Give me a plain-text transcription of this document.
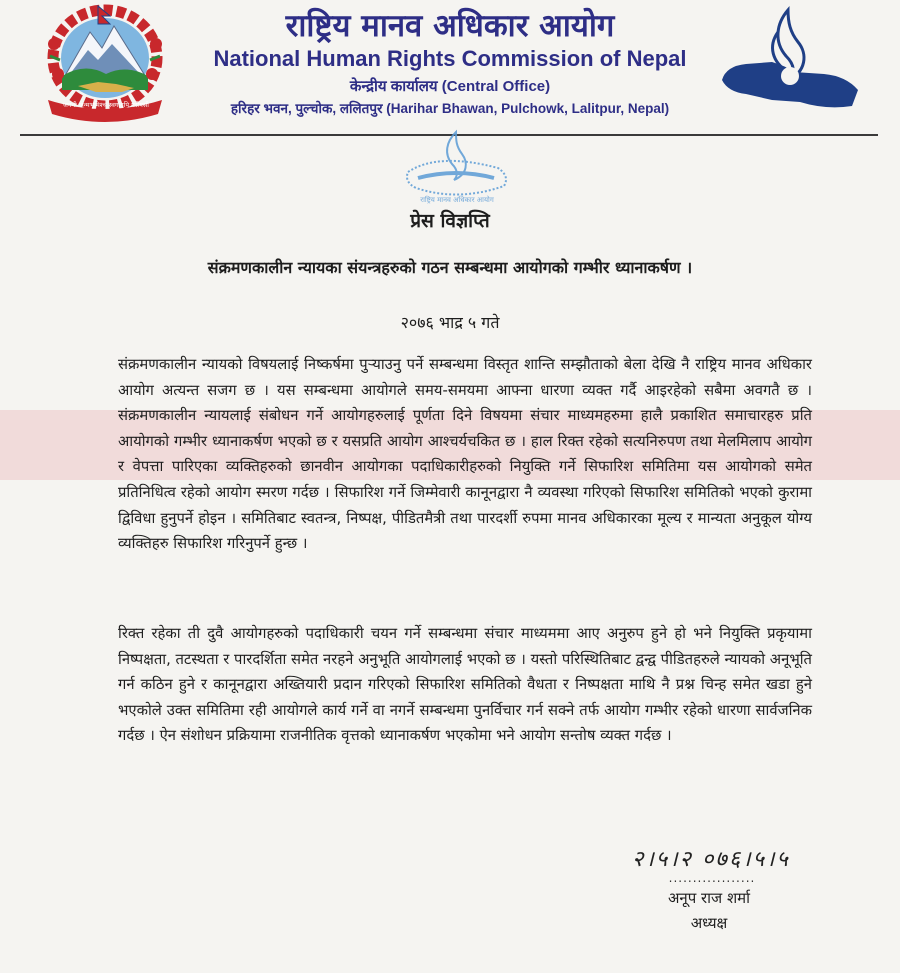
जननी जन्मभूमिश्च स्वर्गादपि गरीयसी
राष्ट्रिय मानव अधिकार आयोग
National Human Rights Commission of Nepal
केन्द्रीय कार्यालय (Central Office)
हरिहर भवन, पुल्चोक, ललितपुर (Harihar Bhawan, Pulchowk, Lalitpur, Nepal)
राष्ट्रिय मानव अधिकार आयोग
प्रेस विज्ञप्ति
संक्रमणकालीन न्यायका संयन्त्रहरुको गठन सम्बन्धमा आयोगको गम्भीर ध्यानाकर्षण ।
२०७६ भाद्र ५ गते

संक्रमणकालीन न्यायको विषयलाई निष्कर्षमा पुर्‍याउनु पर्ने सम्बन्धमा विस्तृत शान्ति सम्झौताको बेला देखि नै राष्ट्रिय मानव अधिकार आयोग अत्यन्त सजग छ । यस सम्बन्धमा आयोगले समय-समयमा आफ्ना धारणा व्यक्त गर्दै आइरहेको सबैमा अवगतै छ । संक्रमणकालीन न्यायलाई संबोधन गर्ने आयोगहरुलाई पूर्णता दिने विषयमा संचार माध्यमहरुमा हालै प्रकाशित समाचारहरु प्रति आयोगको गम्भीर ध्यानाकर्षण भएको छ र यसप्रति आयोग आश्चर्यचकित छ । हाल रिक्त रहेको सत्यनिरुपण तथा मेलमिलाप आयोग र वेपत्ता पारिएका व्यक्तिहरुको छानवीन आयोगका पदाधिकारीहरुको नियुक्ति गर्ने सिफारिश समितिमा यस आयोगको समेत प्रतिनिधित्व रहेको आयोग स्मरण गर्दछ । सिफारिश गर्ने जिम्मेवारी कानूनद्वारा नै व्यवस्था गरिएको सिफारिश समितिको भएको कुरामा द्विविधा हुनुपर्ने होइन । समितिबाट स्वतन्त्र, निष्पक्ष, पीडितमैत्री तथा पारदर्शी रुपमा मानव अधिकारका मूल्य र मान्यता अनुकूल योग्य व्यक्तिहरु सिफारिश गरिनुपर्ने हुन्छ ।

रिक्त रहेका ती दुवै आयोगहरुको पदाधिकारी चयन गर्ने सम्बन्धमा संचार माध्यममा आए अनुरुप हुने हो भने नियुक्ति प्रकृयामा निष्पक्षता, तटस्थता र पारदर्शिता समेत नरहने अनुभूति आयोगलाई भएको छ । यस्तो परिस्थितिबाट द्वन्द्व पीडितहरुले न्यायको अनूभूति गर्न कठिन हुने र कानूनद्वारा अख्तियारी प्रदान गरिएको सिफारिश समितिको वैधता र निष्पक्षता माथि नै प्रश्न चिन्ह समेत खडा हुने भएकोले उक्त समितिमा रही आयोगले कार्य गर्ने वा नगर्ने सम्बन्धमा पुनर्विचार गर्न सक्ने तर्फ आयोग गम्भीर रहेको धारणा सार्वजनिक गर्दछ । ऐन संशोधन प्रक्रियामा राजनीतिक वृत्तको ध्यानाकर्षण भएकोमा भने आयोग सन्तोष व्यक्त गर्दछ ।

२।५।२ ०७६।५।५
..................
अनूप राज शर्मा
अध्यक्ष
